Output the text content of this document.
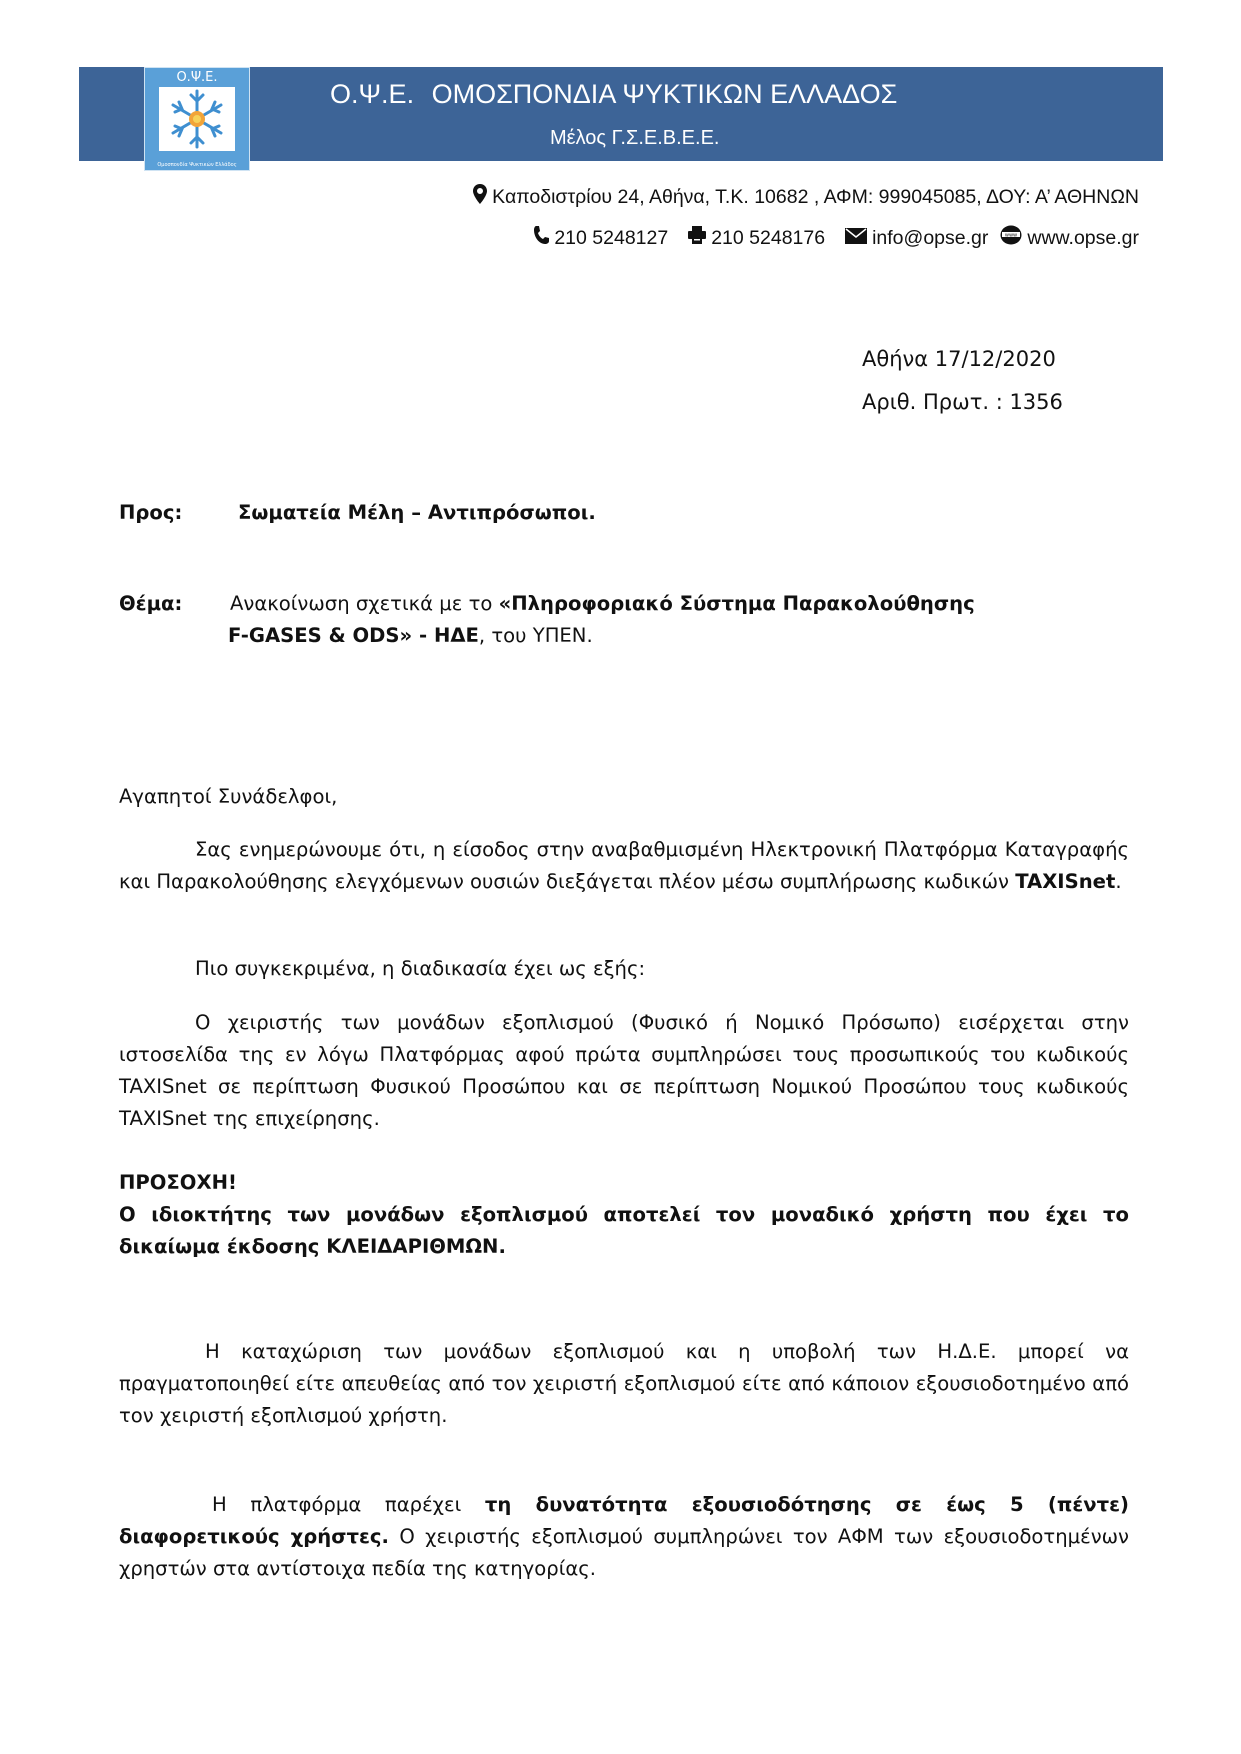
Ο.Ψ.Ε.
Ομοσπονδία Ψυκτικών Ελλάδος
Ο.Ψ.Ε. ΟΜΟΣΠΟΝΔΙΑ ΨΥΚΤΙΚΩΝ ΕΛΛΑΔΟΣ
Μέλος Γ.Σ.Ε.Β.Ε.Ε.
Καποδιστρίου 24, Αθήνα, Τ.Κ. 10682 , ΑΦΜ: 999045085, ΔΟΥ: Α’ ΑΘΗΝΩΝ
210 5248127 210 5248176 info@opse.gr	www www.opse.gr
Αθήνα 17/12/2020
Αριθ. Πρωτ. : 1356
Προς:	Σωματεία Μέλη – Αντιπρόσωποι.
Θέμα: Ανακοίνωση σχετικά με το «Πληροφοριακό Σύστημα Παρακολούθησης
F-GASES & ODS» - ΗΔΕ, του ΥΠΕΝ.

Αγαπητοί Συνάδελφοι,

Σας ενημερώνουμε ότι, η είσοδος στην αναβαθμισμένη Ηλεκτρονική Πλατφόρμα Καταγραφής και Παρακολούθησης ελεγχόμενων ουσιών διεξάγεται πλέον μέσω συμπλήρωσης κωδικών TAXISnet.

Πιο συγκεκριμένα, η διαδικασία έχει ως εξής:

Ο χειριστής των μονάδων εξοπλισμού (Φυσικό ή Νομικό Πρόσωπο) εισέρχεται στην ιστοσελίδα της εν λόγω Πλατφόρμας αφού πρώτα συμπληρώσει τους προσωπικούς του κωδικούς TAXISnet σε περίπτωση Φυσικού Προσώπου και σε περίπτωση Νομικού Προσώπου τους κωδικούς TAXISnet της επιχείρησης.

ΠΡΟΣΟΧΗ!

Ο ιδιοκτήτης των μονάδων εξοπλισμού αποτελεί τον μοναδικό χρήστη που έχει το δικαίωμα έκδοσης ΚΛΕΙΔΑΡΙΘΜΩΝ.

Η καταχώριση των μονάδων εξοπλισμού και η υποβολή των Η.Δ.Ε. μπορεί να πραγματοποιηθεί είτε απευθείας από τον χειριστή εξοπλισμού είτε από κάποιον εξουσιοδοτημένο από τον χειριστή εξοπλισμού χρήστη.

Η πλατφόρμα παρέχει τη δυνατότητα εξουσιοδότησης σε έως 5 (πέντε) διαφορετικούς χρήστες. Ο χειριστής εξοπλισμού συμπληρώνει τον ΑΦΜ των εξουσιοδοτημένων χρηστών στα αντίστοιχα πεδία της κατηγορίας.
